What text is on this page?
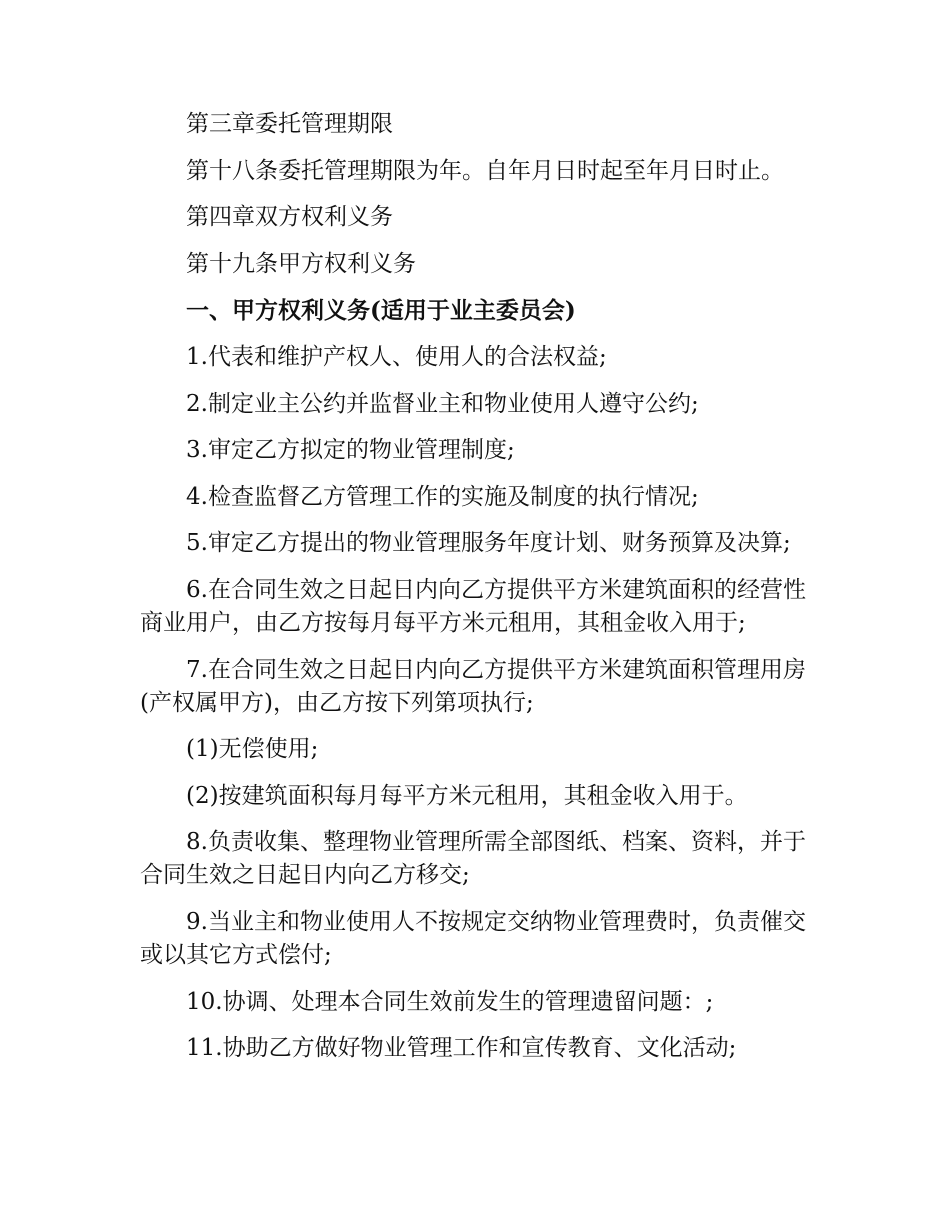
第三章委托管理期限

第十八条委托管理期限为年。自年月日时起至年月日时止。

第四章双方权利义务

第十九条甲方权利义务

一、甲方权利义务(适用于业主委员会)

1.代表和维护产权人、使用人的合法权益;

2.制定业主公约并监督业主和物业使用人遵守公约;

3.审定乙方拟定的物业管理制度;

4.检查监督乙方管理工作的实施及制度的执行情况;

5.审定乙方提出的物业管理服务年度计划、财务预算及决算;

6.在合同生效之日起日内向乙方提供平方米建筑面积的经营性商业用户，由乙方按每月每平方米元租用，其租金收入用于;

7.在合同生效之日起日内向乙方提供平方米建筑面积管理用房(产权属甲方)，由乙方按下列第项执行;

(1)无偿使用;

(2)按建筑面积每月每平方米元租用，其租金收入用于。

8.负责收集、整理物业管理所需全部图纸、档案、资料，并于合同生效之日起日内向乙方移交;

9.当业主和物业使用人不按规定交纳物业管理费时，负责催交或以其它方式偿付;

10.协调、处理本合同生效前发生的管理遗留问题：;

11.协助乙方做好物业管理工作和宣传教育、文化活动;
